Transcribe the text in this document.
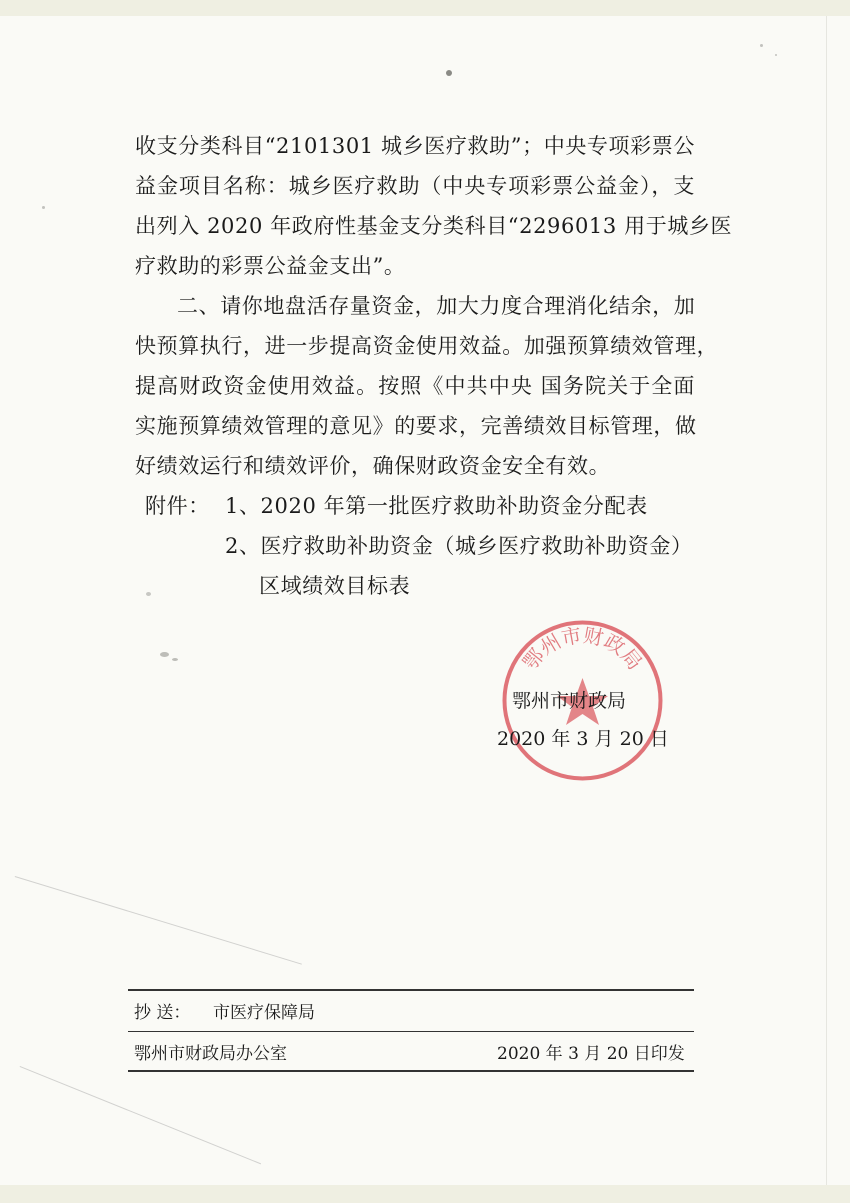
收支分类科目“2101301 城乡医疗救助”；中央专项彩票公
益金项目名称：城乡医疗救助（中央专项彩票公益金），支
出列入 2020 年政府性基金支分类科目“2296013 用于城乡医
疗救助的彩票公益金支出”。
二、请你地盘活存量资金，加大力度合理消化结余，加
快预算执行，进一步提高资金使用效益。加强预算绩效管理，
提高财政资金使用效益。按照《中共中央 国务院关于全面
实施预算绩效管理的意见》的要求，完善绩效目标管理，做
好绩效运行和绩效评价，确保财政资金安全有效。
附件： 1、2020 年第一批医疗救助补助资金分配表
2、医疗救助补助资金（城乡医疗救助补助资金）
区域绩效目标表
鄂州市财政局
鄂州市财政局
2020 年 3 月 20 日
抄 送： 市医疗保障局
鄂州市财政局办公室	2020 年 3 月 20 日印发
